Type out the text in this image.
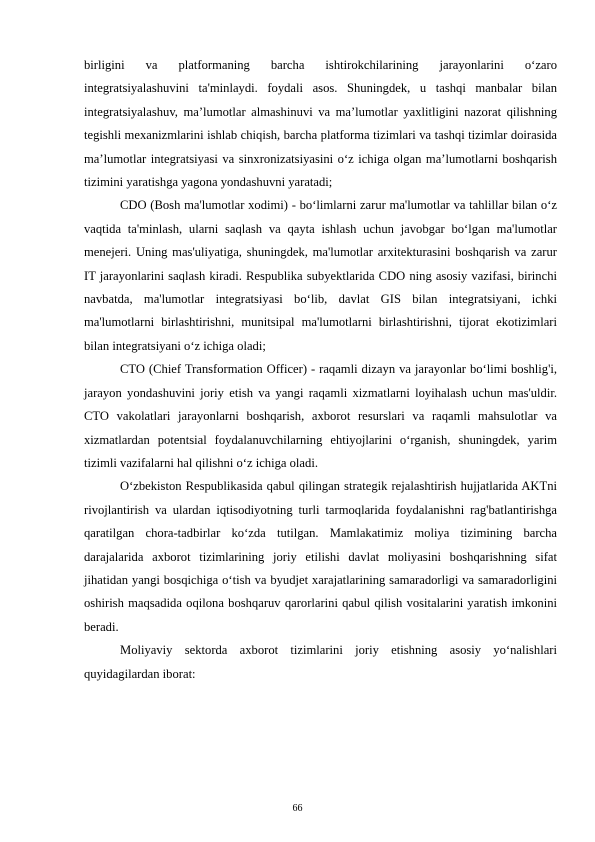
birligini va platformaning barcha ishtirokchilarining jarayonlarini oʻzaro integratsiyalashuvini ta'minlaydi. foydali asos. Shuningdek, u tashqi manbalar bilan integratsiyalashuv, maʼlumotlar almashinuvi va maʼlumotlar yaxlitligini nazorat qilishning tegishli mexanizmlarini ishlab chiqish, barcha platforma tizimlari va tashqi tizimlar doirasida maʼlumotlar integratsiyasi va sinxronizatsiyasini oʻz ichiga olgan maʼlumotlarni boshqarish tizimini yaratishga yagona yondashuvni yaratadi;

CDO (Bosh ma'lumotlar xodimi) - bo‘limlarni zarur ma'lumotlar va tahlillar bilan o‘z vaqtida ta'minlash, ularni saqlash va qayta ishlash uchun javobgar bo‘lgan ma'lumotlar menejeri. Uning mas'uliyatiga, shuningdek, ma'lumotlar arxitekturasini boshqarish va zarur IT jarayonlarini saqlash kiradi. Respublika subyektlarida CDO ning asosiy vazifasi, birinchi navbatda, ma'lumotlar integratsiyasi bo‘lib, davlat GIS bilan integratsiyani, ichki ma'lumotlarni birlashtirishni, munitsipal ma'lumotlarni birlashtirishni, tijorat ekotizimlari bilan integratsiyani o‘z ichiga oladi;

CTO (Chief Transformation Officer) - raqamli dizayn va jarayonlar bo‘limi boshlig'i, jarayon yondashuvini joriy etish va yangi raqamli xizmatlarni loyihalash uchun mas'uldir. CTO vakolatlari jarayonlarni boshqarish, axborot resurslari va raqamli mahsulotlar va xizmatlardan potentsial foydalanuvchilarning ehtiyojlarini o‘rganish, shuningdek, yarim tizimli vazifalarni hal qilishni o‘z ichiga oladi.

O‘zbekiston Respublikasida qabul qilingan strategik rejalashtirish hujjatlarida AKTni rivojlantirish va ulardan iqtisodiyotning turli tarmoqlarida foydalanishni rag'batlantirishga qaratilgan chora-tadbirlar ko‘zda tutilgan. Mamlakatimiz moliya tizimining barcha darajalarida axborot tizimlarining joriy etilishi davlat moliyasini boshqarishning sifat jihatidan yangi bosqichiga o‘tish va byudjet xarajatlarining samaradorligi va samaradorligini oshirish maqsadida oqilona boshqaruv qarorlarini qabul qilish vositalarini yaratish imkonini beradi.

Moliyaviy sektorda axborot tizimlarini joriy etishning asosiy yo‘nalishlari quyidagilardan iborat:

66
